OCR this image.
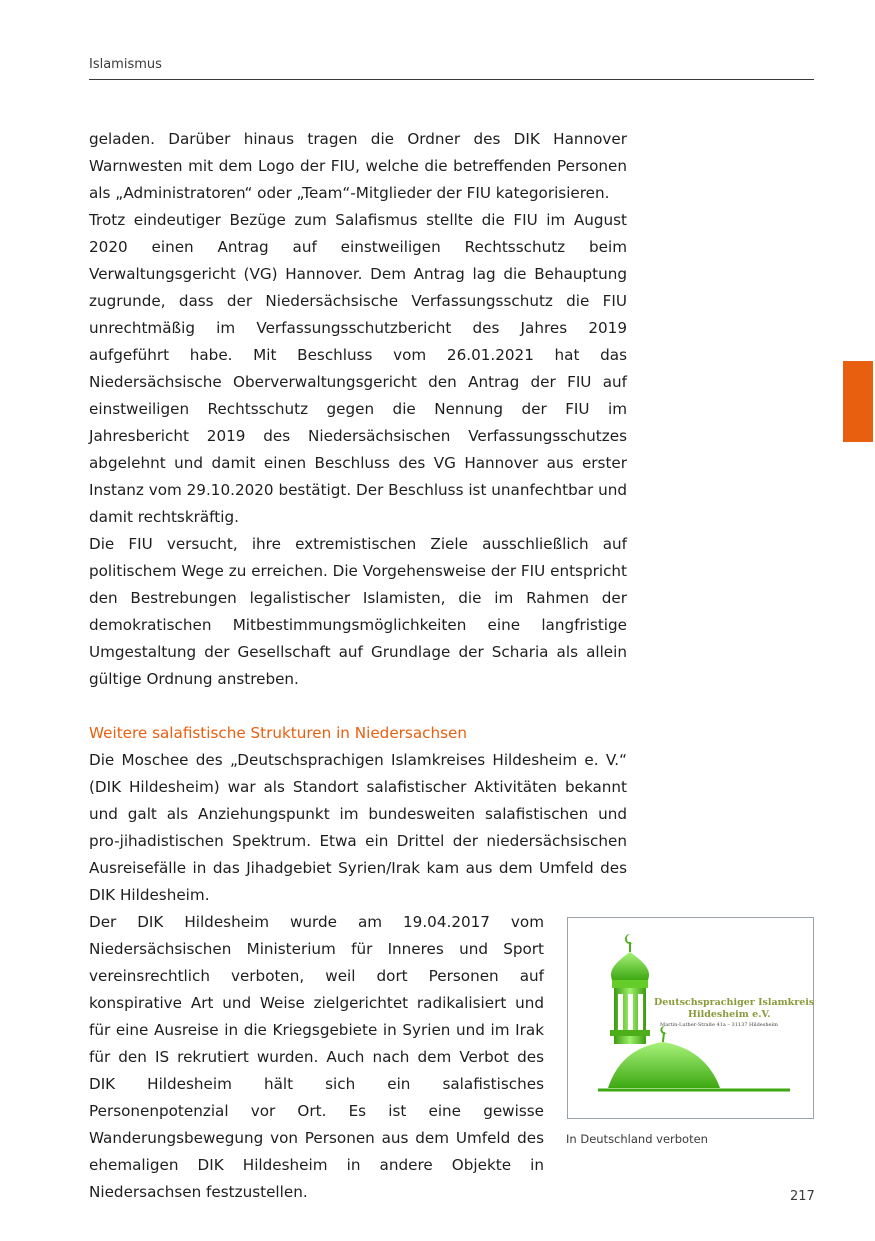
Islamismus

geladen. Darüber hinaus tragen die Ordner des DIK Hannover Warnwesten mit dem Logo der FIU, welche die betreffenden Personen als „Administratoren“ oder „Team“-Mitglieder der FIU kategorisieren.

Trotz eindeutiger Bezüge zum Salafismus stellte die FIU im August 2020 einen Antrag auf einstweiligen Rechtsschutz beim Verwaltungsgericht (VG) Hannover. Dem Antrag lag die Behauptung zugrunde, dass der Niedersächsische Verfassungsschutz die FIU unrechtmäßig im Verfassungsschutzbericht des Jahres 2019 aufgeführt habe. Mit Beschluss vom 26.01.2021 hat das Niedersächsische Oberverwaltungsgericht den Antrag der FIU auf einstweiligen Rechtsschutz gegen die Nennung der FIU im Jahresbericht 2019 des Niedersächsischen Verfassungsschutzes abgelehnt und damit einen Beschluss des VG Hannover aus erster Instanz vom 29.10.2020 bestätigt. Der Beschluss ist unanfechtbar und damit rechtskräftig.

Die FIU versucht, ihre extremistischen Ziele ausschließlich auf politischem Wege zu erreichen. Die Vorgehensweise der FIU entspricht den Bestrebungen legalistischer Islamisten, die im Rahmen der demokratischen Mitbestimmungsmöglichkeiten eine langfristige Umgestaltung der Gesellschaft auf Grundlage der Scharia als allein gültige Ordnung anstreben.

Weitere salafistische Strukturen in Niedersachsen

Die Moschee des „Deutschsprachigen Islamkreises Hildesheim e. V.“ (DIK Hildesheim) war als Standort salafistischer Aktivitäten bekannt und galt als Anziehungspunkt im bundesweiten salafistischen und pro-jihadistischen Spektrum. Etwa ein Drittel der niedersächsischen Ausreisefälle in das Jihadgebiet Syrien/Irak kam aus dem Umfeld des DIK Hildesheim.

Der DIK Hildesheim wurde am 19.04.2017 vom Niedersächsischen Ministerium für Inneres und Sport vereinsrechtlich verboten, weil dort Personen auf konspirative Art und Weise zielgerichtet radikalisiert und für eine Ausreise in die Kriegsgebiete in Syrien und im Irak für den IS rekrutiert wurden. Auch nach dem Verbot des DIK Hildesheim hält sich ein salafistisches Personenpotenzial vor Ort. Es ist eine gewisse Wanderungsbewegung von Personen aus dem Umfeld des ehemaligen DIK Hildesheim in andere Objekte in Niedersachsen festzustellen.

Deutschsprachiger Islamkreis
Hildesheim e.V.
Martin-Luther-Straße 41a – 31137 Hildesheim
In Deutschland verboten
217
